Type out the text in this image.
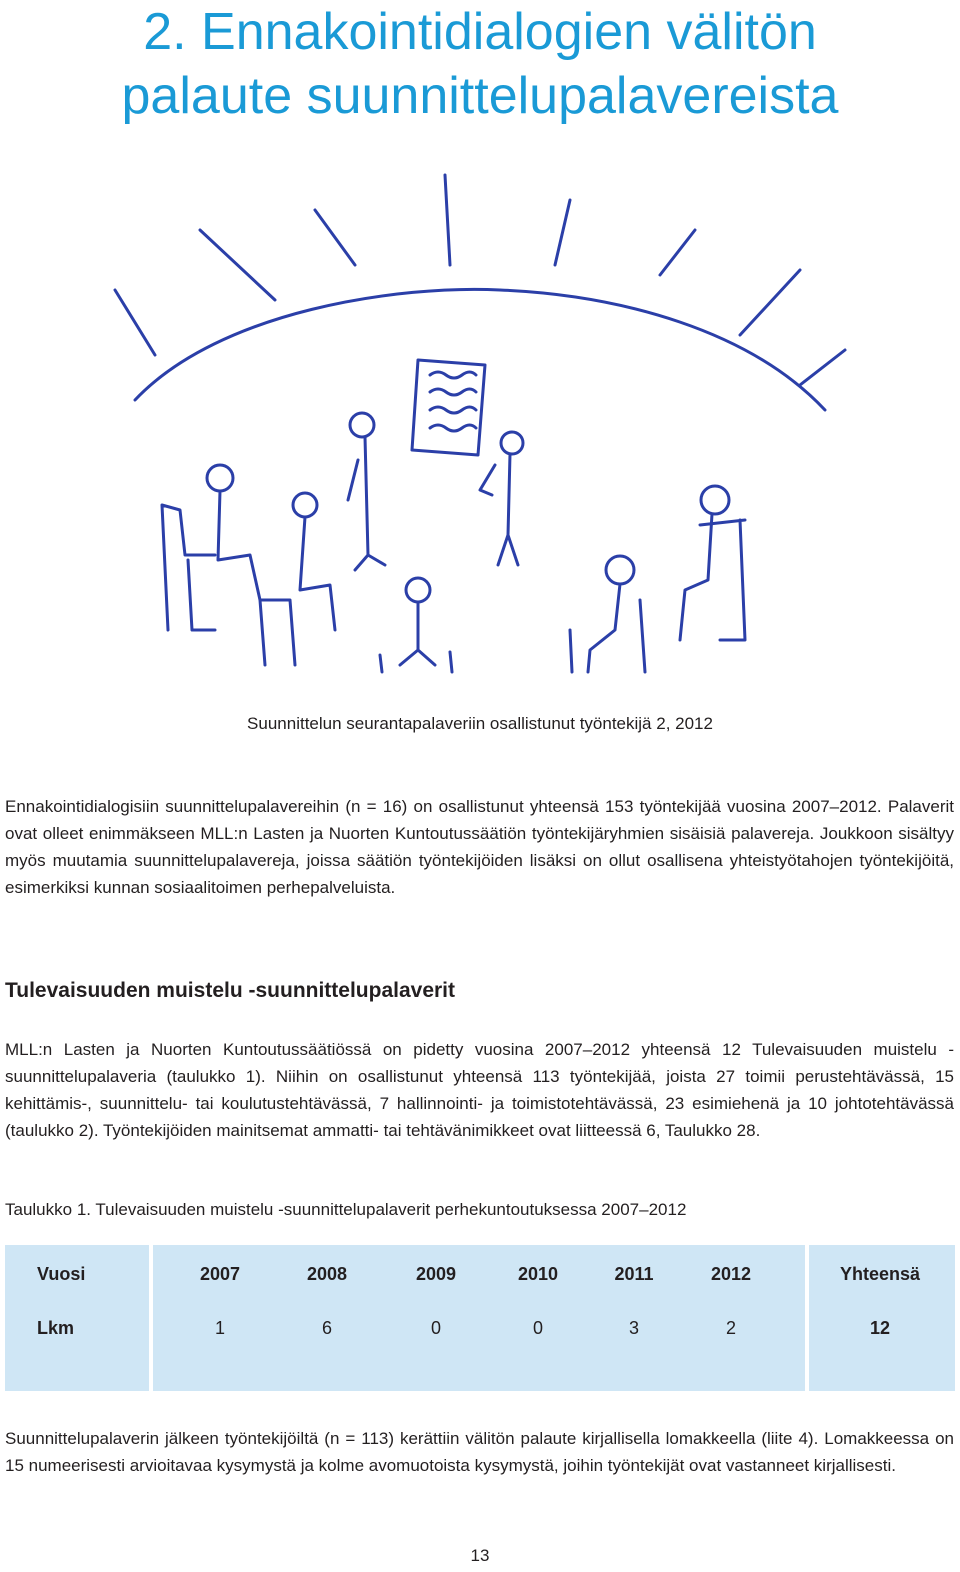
2. Ennakointidialogien välitön
palaute suunnittelupalavereista
Suunnittelun seurantapalaveriin osallistunut työntekijä 2, 2012

Ennakointidialogisiin suunnittelupalavereihin (n = 16) on osallistunut yhteensä 153 työntekijää vuosina 2007–2012. Palaverit ovat olleet enimmäkseen MLL:n Lasten ja Nuorten Kuntoutussäätiön työntekijäryhmien sisäisiä palavereja. Joukkoon sisältyy myös muutamia suunnittelupalavereja, joissa säätiön työntekijöiden lisäksi on ollut osallisena yhteistyötahojen työntekijöitä, esimerkiksi kunnan sosiaalitoimen perhepalveluista.

Tulevaisuuden muistelu -suunnittelupalaverit

MLL:n Lasten ja Nuorten Kuntoutussäätiössä on pidetty vuosina 2007–2012 yhteensä 12 Tulevaisuuden muistelu -suunnittelupalaveria (taulukko 1). Niihin on osallistunut yhteensä 113 työntekijää, joista 27 toimii perustehtävässä, 15 kehittämis-, suunnittelu- tai koulutustehtävässä, 7 hallinnointi- ja toimistotehtävässä, 23 esimiehenä ja 10 johtotehtävässä (taulukko 2). Työntekijöiden mainitsemat ammatti- tai tehtävänimikkeet ovat liitteessä 6, Taulukko 28.

Taulukko 1. Tulevaisuuden muistelu -suunnittelupalaverit perhekuntoutuksessa 2007–2012
Vuosi	2007	2008	2009	2010	2011	2012	Yhteensä
Lkm	1	6	0	0	3	2	12

Suunnittelupalaverin jälkeen työntekijöiltä (n = 113) kerättiin välitön palaute kirjallisella lomakkeella (liite 4). Lomakkeessa on 15 numeerisesti arvioitavaa kysymystä ja kolme avomuotoista kysymystä, joihin työntekijät ovat vastanneet kirjallisesti.

13
